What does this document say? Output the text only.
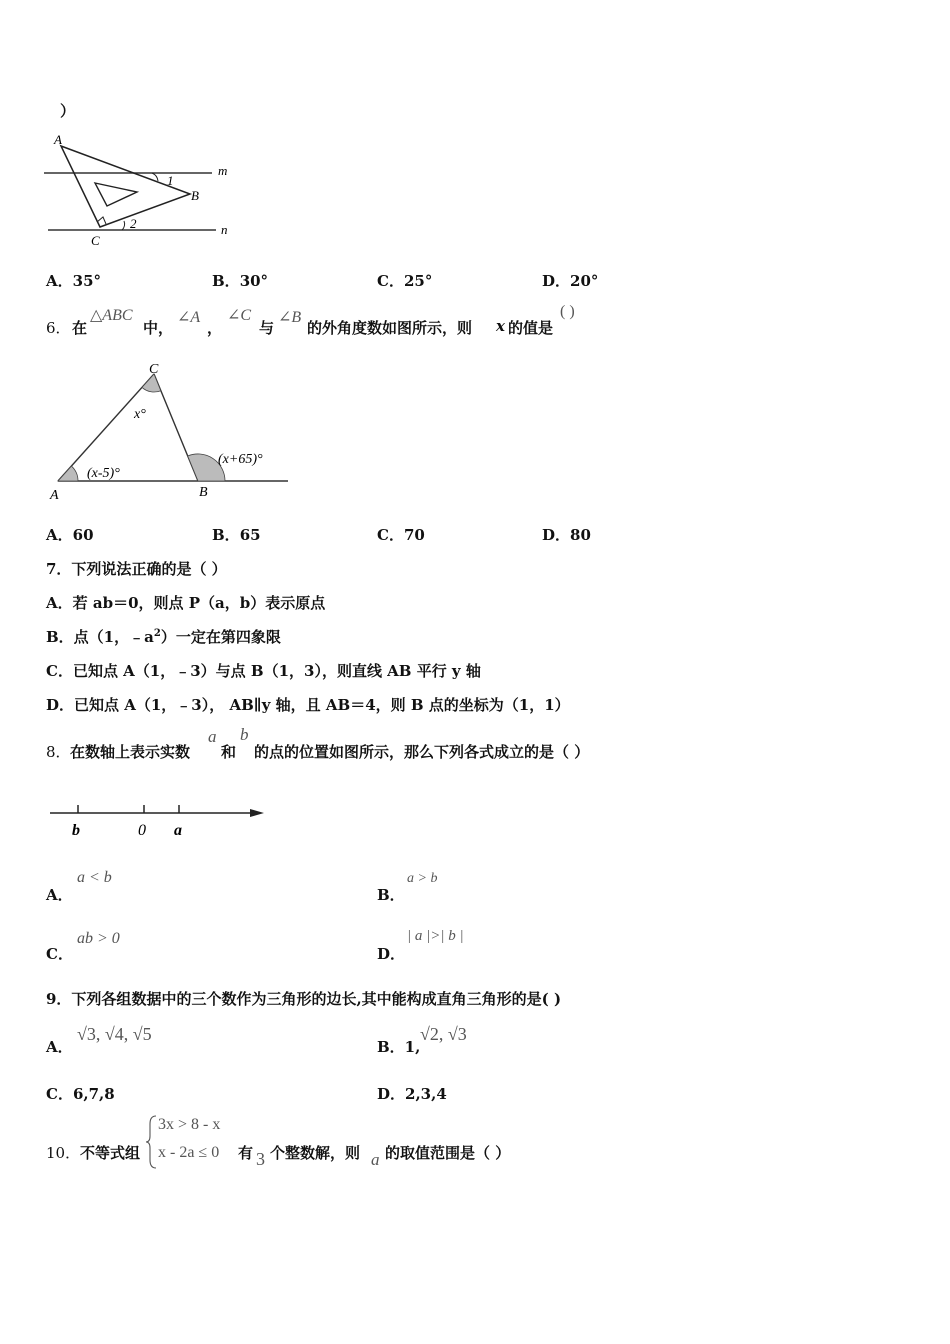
）
A
B
C
m
n
1
2
A．35°	B．30°	C．25°	D．20°
6． 在
△ABC
中，
∠A
，
∠C
与
∠B
的外角度数如图所示，则 x 的值是
( )
A	B
C
x°
(x-5)°
(x+65)°
A．60	B．65	C．70	D．80
7．下列说法正确的是（ ）
A．若 ab＝0，则点 P（a，b）表示原点
B．点（1，$﹣a^2$）一定在第四象限
C．已知点 A（1，﹣3）与点 B（1，3），则直线 AB 平行 y 轴
D．已知点 A（1，﹣3）， AB∥y 轴，且 AB＝4，则 B 点的坐标为（1，1）
8． 在数轴上表示实数
a
和
b
的点的位置如图所示，那么下列各式成立的是（ ）
b	0 a
A．
a < b
B．
a > b
C．
ab > 0
D．
| a |>| b |
9．下列各组数据中的三个数作为三角形的边长,其中能构成直角三角形的是( )
A．
√3, √4, √5
B．1,
√2, √3
C．6,7,8	D．2,3,4
10． 不等式组
3x > 8 - x
x - 2a ≤ 0 有 3 个整数解，则 a 的取值范围是（ ）
